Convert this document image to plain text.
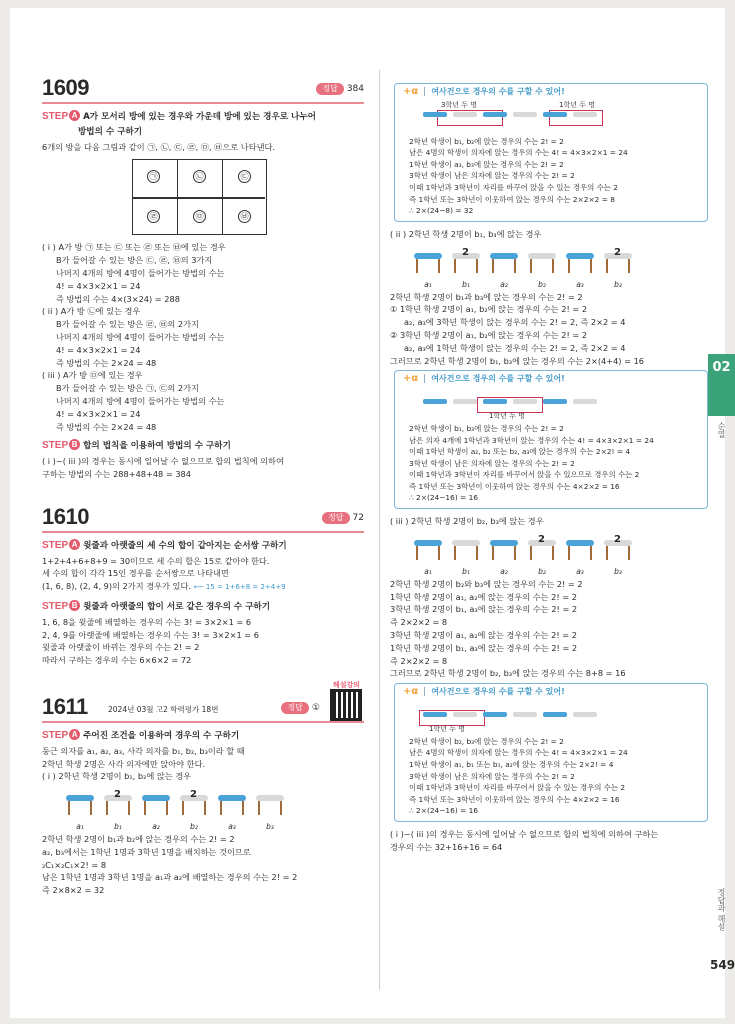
1609	정답 384

STEP A A가 모서리 방에 있는 경우와 가운데 방에 있는 경우로 나누어

방법의 수 구하기

6개의 방을 다음 그림과 같이 ㉠, ㉡, ㉢, ㉣, ㉤, ㉥으로 나타낸다.

㉠	㉡	㉢
㉣	㉤	㉥

( i ) A가 방 ㉠ 또는 ㉢ 또는 ㉣ 또는 ㉥에 있는 경우

B가 들어갈 수 있는 방은 ㉢, ㉣, ㉥의 3가지

나머지 4개의 방에 4명이 들어가는 방법의 수는

4! = 4×3×2×1 = 24

즉 방법의 수는 4×(3×24) = 288

( ii ) A가 방 ㉡에 있는 경우

B가 들어갈 수 있는 방은 ㉣, ㉥의 2가지

나머지 4개의 방에 4명이 들어가는 방법의 수는

4! = 4×3×2×1 = 24

즉 방법의 수는 2×24 = 48

( iii ) A가 방 ㉤에 있는 경우

B가 들어갈 수 있는 방은 ㉠, ㉢의 2가지

나머지 4개의 방에 4명이 들어가는 방법의 수는

4! = 4×3×2×1 = 24

즉 방법의 수는 2×24 = 48

STEP B 합의 법칙을 이용하여 방법의 수 구하기

( i )~( iii )의 경우는 동시에 일어날 수 없으므로 합의 법칙에 의하여

구하는 방법의 수는 288+48+48 = 384

1610	정답 72

STEP A 윗줄과 아랫줄의 세 수의 합이 같아지는 순서쌍 구하기

1+2+4+6+8+9 = 30이므로 세 수의 합은 15로 같아야 한다.

세 수의 합이 각각 15인 경우를 순서쌍으로 나타내면

(1, 6, 8), (2, 4, 9)의 2가지 경우가 있다. ⟵ 15 = 1+6+8 = 2+4+9

STEP B 윗줄과 아랫줄의 합이 서로 같은 경우의 수 구하기

1, 6, 8을 윗줄에 배열하는 경우의 수는 3! = 3×2×1 = 6

2, 4, 9를 아랫줄에 배열하는 경우의 수는 3! = 3×2×1 = 6

윗줄과 아랫줄이 바뀌는 경우의 수는 2! = 2

따라서 구하는 경우의 수는 6×6×2 = 72

1611	2024년 03월 고2 학력평가 18번	정답 ①
해설강의

STEP A 주어진 조건을 이용하여 경우의 수 구하기

둥근 의자를 a₁, a₂, a₃, 사각 의자를 b₁, b₂, b₃이라 할 때

2학년 학생 2명은 사각 의자에만 앉아야 한다.

( i ) 2학년 학생 2명이 b₁, b₂에 앉는 경우

a₁
2
b₁	a₂
2
b₂	a₃	b₃

2학년 학생 2명이 b₁과 b₂에 앉는 경우의 수는 2! = 2

a₂, b₃에서는 1학년 1명과 3학년 1명을 배치하는 것이므로

₂C₁×₂C₁×2! = 8

남은 1학년 1명과 3학년 1명을 a₁과 a₂에 배열하는 경우의 수는 2! = 2

즉 2×8×2 = 32

+α 여사건으로 경우의 수를 구할 수 있어!

3학년 두 명	1학년 두 명

2학년 학생이 b₁, b₂에 앉는 경우의 수는 2! = 2

남은 4명의 학생이 의자에 앉는 경우의 수는 4! = 4×3×2×1 = 24

1학년 학생이 a₃, b₃에 앉는 경우의 수는 2! = 2

3학년 학생이 남은 의자에 앉는 경우의 수는 2! = 2

이때 1학년과 3학년이 자리를 바꾸어 앉을 수 있는 경우의 수는 2

즉 1학년 또는 3학년이 이웃하여 앉는 경우의 수는 2×2×2 = 8

∴ 2×(24−8) = 32

( ii ) 2학년 학생 2명이 b₁, b₃에 앉는 경우

a₁
2
b₁	a₂	b₂	a₃
2
b₃

2학년 학생 2명이 b₁과 b₃에 앉는 경우의 수는 2! = 2

① 1학년 학생 2명이 a₁, b₂에 앉는 경우의 수는 2! = 2

a₂, a₃에 3학년 학생이 앉는 경우의 수는 2! = 2, 즉 2×2 = 4

② 3학년 학생 2명이 a₁, b₂에 앉는 경우의 수는 2! = 2

a₂, a₃에 1학년 학생이 앉는 경우의 수는 2! = 2, 즉 2×2 = 4

그러므로 2학년 학생 2명이 b₁, b₃에 앉는 경우의 수는 2×(4+4) = 16

+α 여사건으로 경우의 수를 구할 수 있어!

1학년 두 명

2학년 학생이 b₁, b₃에 앉는 경우의 수는 2! = 2

남은 의자 4개에 1학년과 3학년이 앉는 경우의 수는 4! = 4×3×2×1 = 24

이때 1학년 학생이 a₂, b₂ 또는 b₂, a₃에 앉는 경우의 수는 2×2! = 4

3학년 학생이 남은 의자에 앉는 경우의 수는 2! = 2

이때 1학년과 3학년이 자리를 바꾸어서 앉을 수 있으므로 경우의 수는 2

즉 1학년 또는 3학년이 이웃하여 앉는 경우의 수는 4×2×2 = 16

∴ 2×(24−16) = 16

( iii ) 2학년 학생 2명이 b₂, b₃에 앉는 경우

a₁	b₁	a₂
2
b₂	a₃
2
b₃

2학년 학생 2명이 b₂와 b₃에 앉는 경우의 수는 2! = 2

1학년 학생 2명이 a₁, a₂에 앉는 경우의 수는 2! = 2

3학년 학생 2명이 b₁, a₃에 앉는 경우의 수는 2! = 2

즉 2×2×2 = 8

3학년 학생 2명이 a₁, a₂에 앉는 경우의 수는 2! = 2

1학년 학생 2명이 b₁, a₃에 앉는 경우의 수는 2! = 2

즉 2×2×2 = 8

그러므로 2학년 학생 2명이 b₂, b₃에 앉는 경우의 수는 8+8 = 16

+α 여사건으로 경우의 수를 구할 수 있어!

1학년 두 명

2학년 학생이 b₂, b₃에 앉는 경우의 수는 2! = 2

남은 4명의 학생이 의자에 앉는 경우의 수는 4! = 4×3×2×1 = 24

1학년 학생이 a₁, b₁ 또는 b₁, a₂에 앉는 경우의 수는 2×2! = 4

3학년 학생이 남은 의자에 앉는 경우의 수는 2! = 2

이때 1학년과 3학년이 자리를 바꾸어서 앉을 수 있는 경우의 수는 2

즉 1학년 또는 3학년이 이웃하여 앉는 경우의 수는 4×2×2 = 16

∴ 2×(24−16) = 16

( i )~( iii )의 경우는 동시에 일어날 수 없으므로 합의 법칙에 의하여 구하는

경우의 수는 32+16+16 = 64

02
순열
정답과 해설
549
